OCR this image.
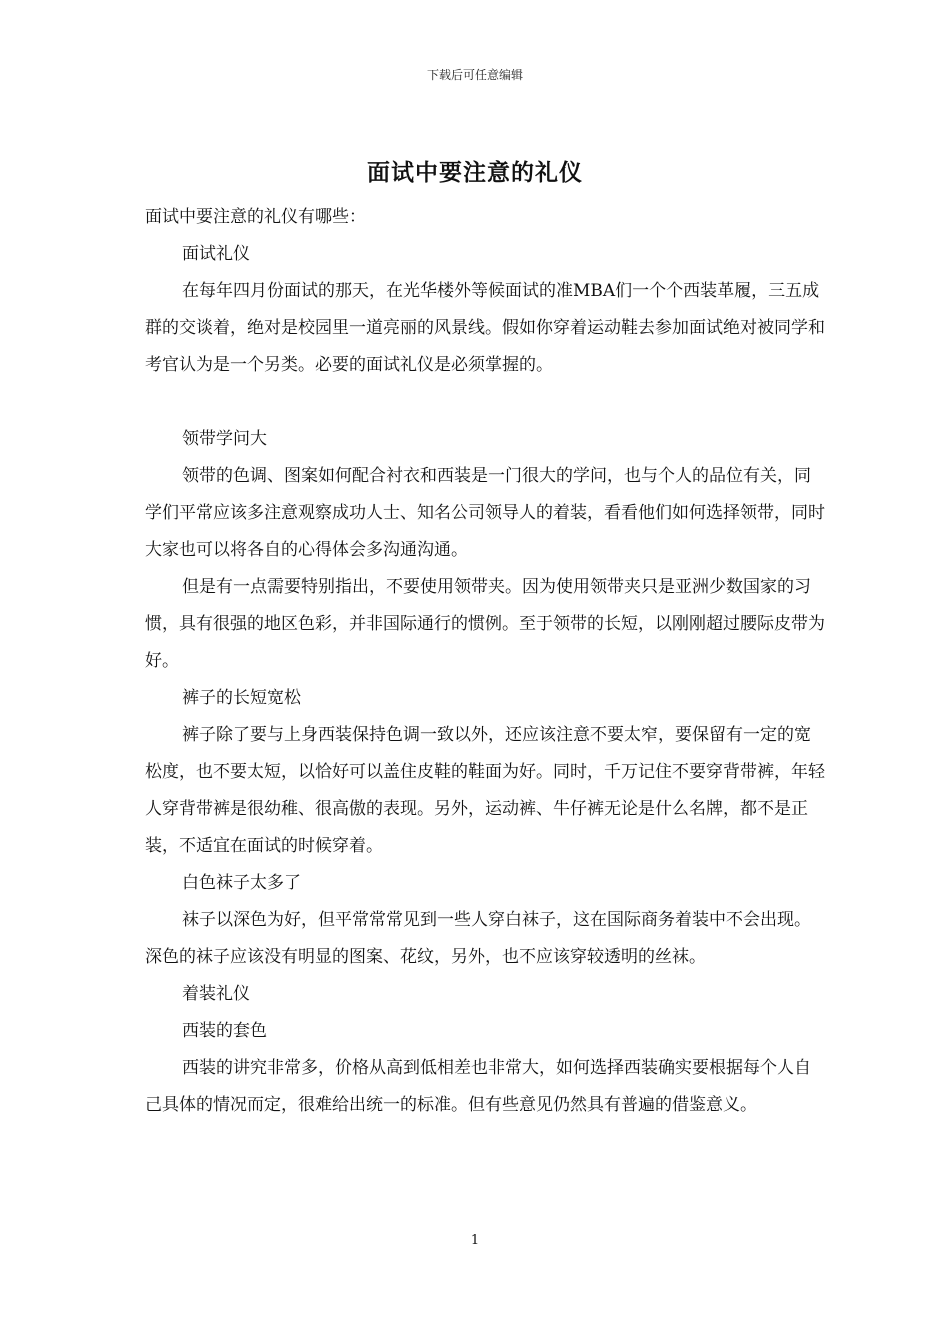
下载后可任意编辑
面试中要注意的礼仪

面试中要注意的礼仪有哪些：

面试礼仪

在每年四月份面试的那天，在光华楼外等候面试的准MBA们一个个西装革履，三五成群的交谈着，绝对是校园里一道亮丽的风景线。假如你穿着运动鞋去参加面试绝对被同学和考官认为是一个另类。必要的面试礼仪是必须掌握的。

领带学问大

领带的色调、图案如何配合衬衣和西装是一门很大的学问，也与个人的品位有关，同学们平常应该多注意观察成功人士、知名公司领导人的着装，看看他们如何选择领带，同时大家也可以将各自的心得体会多沟通沟通。

但是有一点需要特别指出，不要使用领带夹。因为使用领带夹只是亚洲少数国家的习惯，具有很强的地区色彩，并非国际通行的惯例。至于领带的长短，以刚刚超过腰际皮带为好。

裤子的长短宽松

裤子除了要与上身西装保持色调一致以外，还应该注意不要太窄，要保留有一定的宽松度，也不要太短，以恰好可以盖住皮鞋的鞋面为好。同时，千万记住不要穿背带裤，年轻人穿背带裤是很幼稚、很高傲的表现。另外，运动裤、牛仔裤无论是什么名牌，都不是正装，不适宜在面试的时候穿着。

白色袜子太多了

袜子以深色为好，但平常常常见到一些人穿白袜子，这在国际商务着装中不会出现。深色的袜子应该没有明显的图案、花纹，另外，也不应该穿较透明的丝袜。

着装礼仪

西装的套色

西装的讲究非常多，价格从高到低相差也非常大，如何选择西装确实要根据每个人自己具体的情况而定，很难给出统一的标准。但有些意见仍然具有普遍的借鉴意义。

1
